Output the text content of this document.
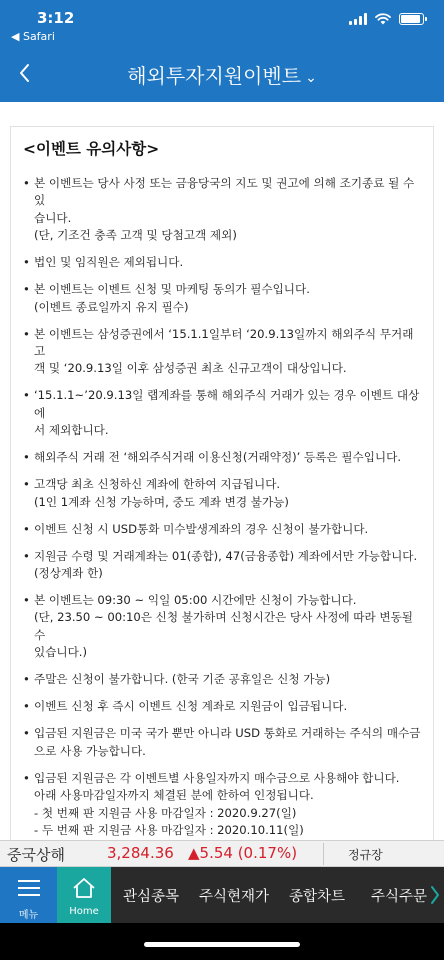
3:12
◀ Safari
해외투자지원이벤트 ⌄
<이벤트 유의사항>
• 본 이벤트는 당사 사정 또는 금융당국의 지도 및 권고에 의해 조기종료 될 수 있
습니다.
(단, 기조건 충족 고객 및 당첨고객 제외)
• 법인 및 임직원은 제외됩니다.
• 본 이벤트는 이벤트 신청 및 마케팅 동의가 필수입니다.
(이벤트 종료일까지 유지 필수)
• 본 이벤트는 삼성증권에서 ‘15.1.1일부터 ‘20.9.13일까지 해외주식 무거래 고
객 및 ‘20.9.13일 이후 삼성증권 최초 신규고객이 대상입니다.
• ‘15.1.1~’20.9.13일 랩계좌를 통해 해외주식 거래가 있는 경우 이벤트 대상에
서 제외합니다.
• 해외주식 거래 전 ‘해외주식거래 이용신청(거래약정)’ 등록은 필수입니다.
• 고객당 최초 신청하신 계좌에 한하여 지급됩니다.
(1인 1계좌 신청 가능하며, 중도 계좌 변경 불가능)
• 이벤트 신청 시 USD통화 미수발생계좌의 경우 신청이 불가합니다.
• 지원금 수령 및 거래계좌는 01(종합), 47(금융종합) 계좌에서만 가능합니다.
(정상계좌 한)
• 본 이벤트는 09:30 ~ 익일 05:00 시간에만 신청이 가능합니다.
(단, 23.50 ~ 00:10은 신청 불가하며 신청시간은 당사 사정에 따라 변동될 수
있습니다.)
• 주말은 신청이 불가합니다. (한국 기준 공휴일은 신청 가능)
• 이벤트 신청 후 즉시 이벤트 신청 계좌로 지원금이 입금됩니다.
• 입금된 지원금은 미국 국가 뿐만 아니라 USD 통화로 거래하는 주식의 매수금
으로 사용 가능합니다.
• 입금된 지원금은 각 이벤트별 사용일자까지 매수금으로 사용해야 합니다.
아래 사용마감일자까지 체결된 분에 한하여 인정됩니다.
- 첫 번째 판 지원금 사용 마감일자 : 2020.9.27(일)
- 두 번째 판 지원금 사용 마감일자 : 2020.10.11(일)
중국상해	3,284.36 ▲5.54 (0.17%)	정규장
메뉴	Home
관심종목 주식현재가 종합차트 주식주문
